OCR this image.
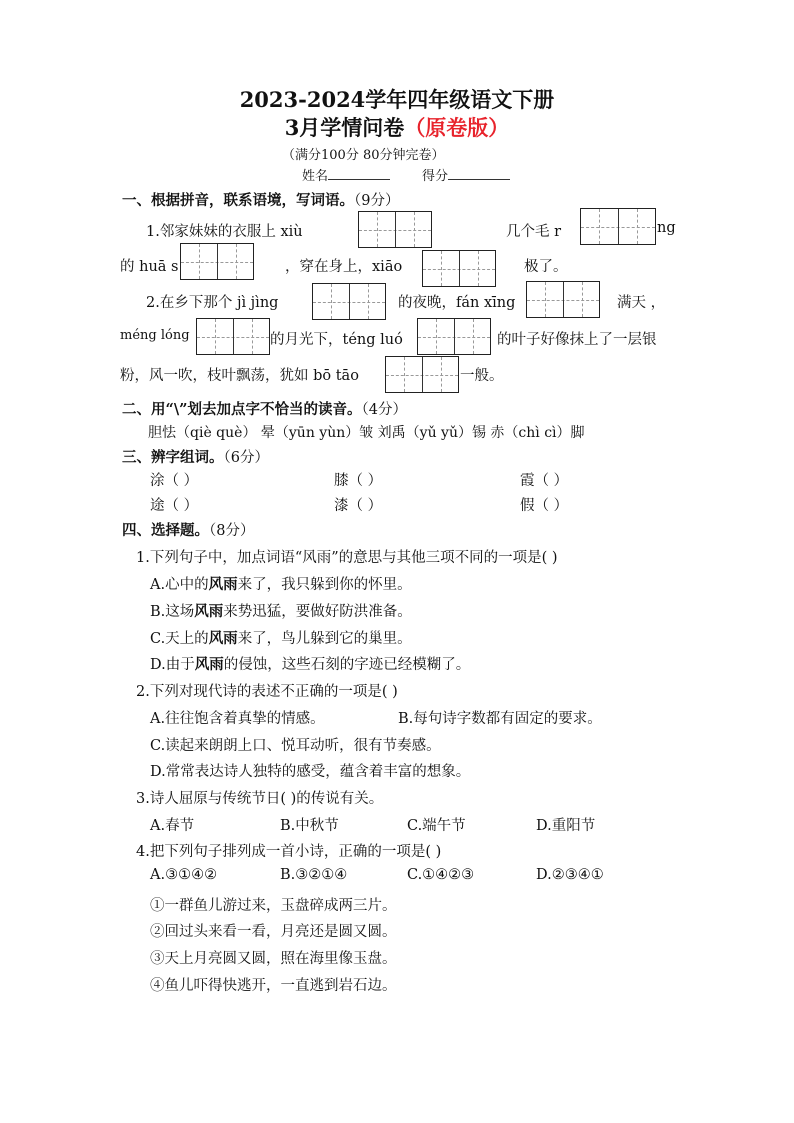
2023-2024学年四年级语文下册
3月学情问卷（原卷版）
（满分100分 80分钟完卷）
姓名	得分
一、根据拼音，联系语境，写词语。（9分）
1.邻家妹妹的衣服上 xiù	几个毛 r	ng
的 huā s	，穿在身上，xiāo	极了。
2.在乡下那个 jì jìng	的夜晚，fán xīng	满天 ，
méng lóng	的月光下，téng luó	的叶子好像抹上了一层银
粉，风一吹，枝叶飘荡，犹如 bō tāo	一般。
二、用“\”划去加点字不恰当的读音。（4分）
胆怯（qiè què） 晕（yūn yùn）皱 刘禹（yǔ yǔ）锡 赤（chì cì）脚
三、辨字组词。（6分）
涂（ ）	膝（ ）	霞（ ）
途（ ）	漆（ ）	假（ ）
四、选择题。（8分）
1.下列句子中，加点词语“风雨”的意思与其他三项不同的一项是( )
A.心中的风雨来了，我只躲到你的怀里。
B.这场风雨来势迅猛，要做好防洪准备。
C.天上的风雨来了，鸟儿躲到它的巢里。
D.由于风雨的侵蚀，这些石刻的字迹已经模糊了。
2.下列对现代诗的表述不正确的一项是( )
A.往往饱含着真挚的情感。	B.每句诗字数都有固定的要求。
C.读起来朗朗上口、悦耳动听，很有节奏感。
D.常常表达诗人独特的感受，蕴含着丰富的想象。
3.诗人屈原与传统节日( )的传说有关。
A.春节	B.中秋节	C.端午节	D.重阳节
4.把下列句子排列成一首小诗，正确的一项是( )
A.③①④②	B.③②①④	C.①④②③	D.②③④①
①一群鱼儿游过来，玉盘碎成两三片。
②回过头来看一看，月亮还是圆又圆。
③天上月亮圆又圆，照在海里像玉盘。
④鱼儿吓得快逃开，一直逃到岩石边。
